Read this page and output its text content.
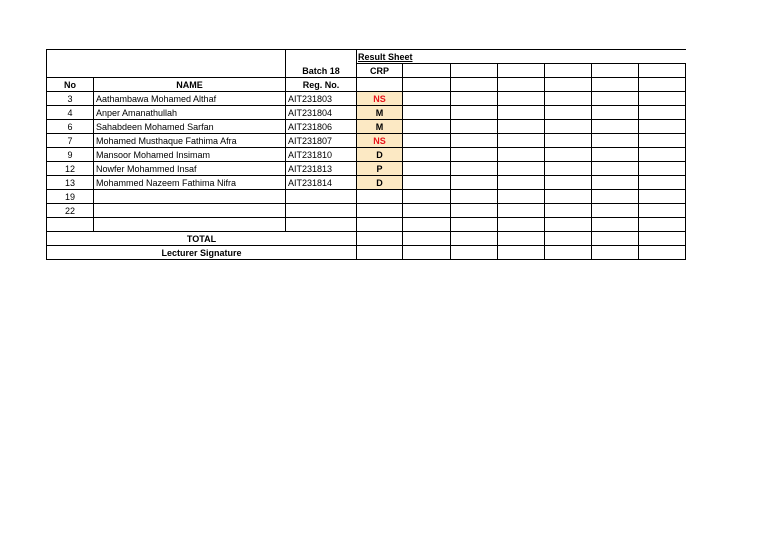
			Result Sheet						
		Batch 18	CRP						
No	NAME	Reg. No.							
3	Aathambawa Mohamed Althaf	AIT231803	NS						
4	Anper Amanathullah	AIT231804	M						
6	Sahabdeen Mohamed Sarfan	AIT231806	M						
7	Mohamed Musthaque Fathima Afra	AIT231807	NS						
9	Mansoor Mohamed Insimam	AIT231810	D						
12	Nowfer Mohammed Insaf	AIT231813	P						
13	Mohammed Nazeem Fathima Nifra	AIT231814	D						
19									
22									

TOTAL									
Lecturer Signature									
